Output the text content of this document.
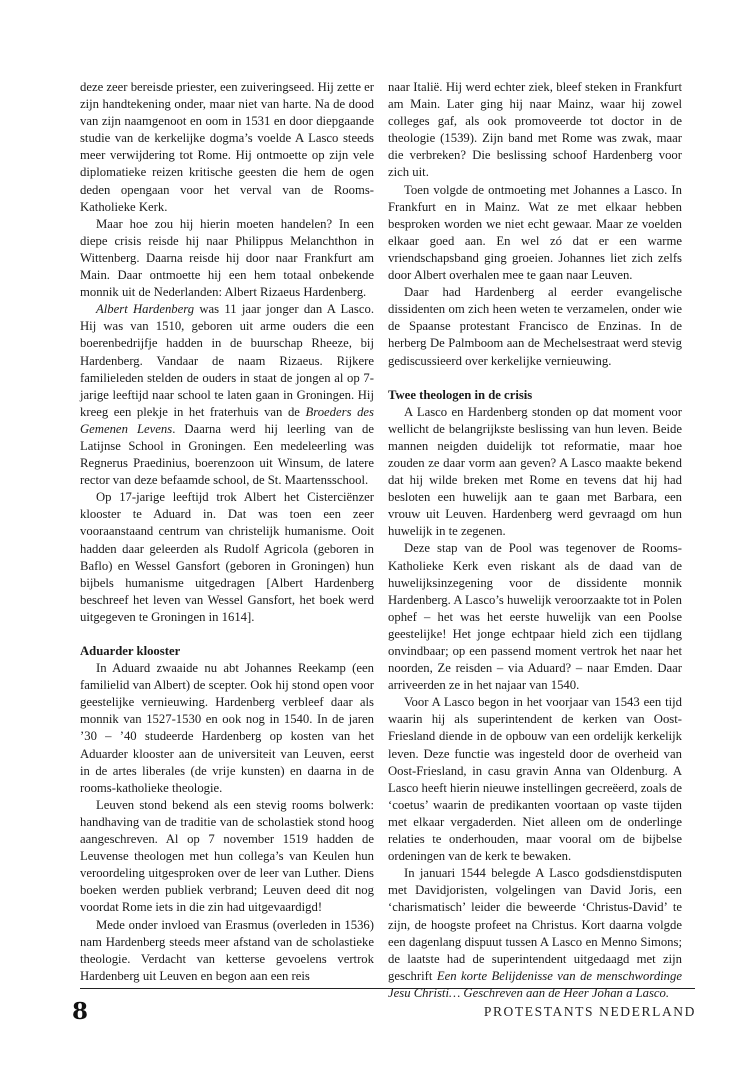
deze zeer bereisde priester, een zuiveringseed. Hij zette er zijn handtekening onder, maar niet van harte. Na de dood van zijn naamgenoot en oom in 1531 en door diepgaande studie van de kerkelijke dogma’s voelde A Lasco steeds meer verwijdering tot Rome. Hij ontmoette op zijn vele diplomatieke reizen kritische geesten die hem de ogen deden opengaan voor het verval van de Rooms-Katholieke Kerk.

Maar hoe zou hij hierin moeten handelen? In een diepe crisis reisde hij naar Philippus Melanchthon in Wittenberg. Daarna reisde hij door naar Frankfurt am Main. Daar ontmoette hij een hem totaal onbekende monnik uit de Nederlanden: Albert Rizaeus Hardenberg.

Albert Hardenberg was 11 jaar jonger dan A Lasco. Hij was van 1510, geboren uit arme ouders die een boerenbedrijfje hadden in de buurschap Rheeze, bij Hardenberg. Vandaar de naam Rizaeus. Rijkere familieleden stelden de ouders in staat de jongen al op 7-jarige leeftijd naar school te laten gaan in Groningen. Hij kreeg een plekje in het fraterhuis van de Broeders des Gemenen Levens. Daarna werd hij leerling van de Latijnse School in Groningen. Een medeleerling was Regnerus Praedinius, boerenzoon uit Winsum, de latere rector van deze befaamde school, de St. Maartensschool.

Op 17-jarige leeftijd trok Albert het Cisterciënzer klooster te Aduard in. Dat was toen een zeer vooraanstaand centrum van christelijk humanisme. Ooit hadden daar geleerden als Rudolf Agricola (geboren in Baflo) en Wessel Gansfort (geboren in Groningen) hun bijbels humanisme uitgedragen [Albert Hardenberg beschreef het leven van Wessel Gansfort, het boek werd uitgegeven te Groningen in 1614].

Aduarder klooster

In Aduard zwaaide nu abt Johannes Reekamp (een familielid van Albert) de scepter. Ook hij stond open voor geestelijke vernieuwing. Hardenberg verbleef daar als monnik van 1527-1530 en ook nog in 1540. In de jaren ’30 – ’40 studeerde Hardenberg op kosten van het Aduarder klooster aan de universiteit van Leuven, eerst in de artes liberales (de vrije kunsten) en daarna in de rooms-katholieke theologie.

Leuven stond bekend als een stevig rooms bolwerk: handhaving van de traditie van de scholastiek stond hoog aangeschreven. Al op 7 november 1519 hadden de Leuvense theologen met hun collega’s van Keulen hun veroordeling uitgesproken over de leer van Luther. Diens boeken werden publiek verbrand; Leuven deed dit nog voordat Rome iets in die zin had uitgevaardigd!

Mede onder invloed van Erasmus (overleden in 1536) nam Hardenberg steeds meer afstand van de scholastieke theologie. Verdacht van ketterse gevoelens vertrok Hardenberg uit Leuven en begon aan een reis

naar Italië. Hij werd echter ziek, bleef steken in Frankfurt am Main. Later ging hij naar Mainz, waar hij zowel colleges gaf, als ook promoveerde tot doctor in de theologie (1539). Zijn band met Rome was zwak, maar die verbreken? Die beslissing schoof Hardenberg voor zich uit.

Toen volgde de ontmoeting met Johannes a Lasco. In Frankfurt en in Mainz. Wat ze met elkaar hebben besproken worden we niet echt gewaar. Maar ze voelden elkaar goed aan. En wel zó dat er een warme vriendschapsband ging groeien. Johannes liet zich zelfs door Albert overhalen mee te gaan naar Leuven.

Daar had Hardenberg al eerder evangelische dissidenten om zich heen weten te verzamelen, onder wie de Spaanse protestant Francisco de Enzinas. In de herberg De Palmboom aan de Mechelsestraat werd stevig gediscussieerd over kerkelijke vernieuwing.

Twee theologen in de crisis

A Lasco en Hardenberg stonden op dat moment voor wellicht de belangrijkste beslissing van hun leven. Beide mannen neigden duidelijk tot reformatie, maar hoe zouden ze daar vorm aan geven? A Lasco maakte bekend dat hij wilde breken met Rome en tevens dat hij had besloten een huwelijk aan te gaan met Barbara, een vrouw uit Leuven. Hardenberg werd gevraagd om hun huwelijk in te zegenen.

Deze stap van de Pool was tegenover de Rooms-Katholieke Kerk even riskant als de daad van de huwelijksinzegening voor de dissidente monnik Hardenberg. A Lasco’s huwelijk veroorzaakte tot in Polen ophef – het was het eerste huwelijk van een Poolse geestelijke! Het jonge echtpaar hield zich een tijdlang onvindbaar; op een passend moment vertrok het naar het noorden, Ze reisden – via Aduard? – naar Emden. Daar arriveerden ze in het najaar van 1540.

Voor A Lasco begon in het voorjaar van 1543 een tijd waarin hij als superintendent de kerken van Oost-Friesland diende in de opbouw van een ordelijk kerkelijk leven. Deze functie was ingesteld door de overheid van Oost-Friesland, in casu gravin Anna van Oldenburg. A Lasco heeft hierin nieuwe instellingen gecreëerd, zoals de ‘coetus’ waarin de predikanten voortaan op vaste tijden met elkaar vergaderden. Niet alleen om de onderlinge relaties te onderhouden, maar vooral om de bijbelse ordeningen van de kerk te bewaken.

In januari 1544 belegde A Lasco godsdienstdisputen met Davidjoristen, volgelingen van David Joris, een ‘charismatisch’ leider die beweerde ‘Christus-David’ te zijn, de hoogste profeet na Christus. Kort daarna volgde een dagenlang dispuut tussen A Lasco en Menno Simons; de laatste had de superintendent uitgedaagd met zijn geschrift Een korte Belijdenisse van de menschwordinge Jesu Christi… Geschreven aan de Heer Johan a Lasco.

8	PROTESTANTS NEDERLAND
